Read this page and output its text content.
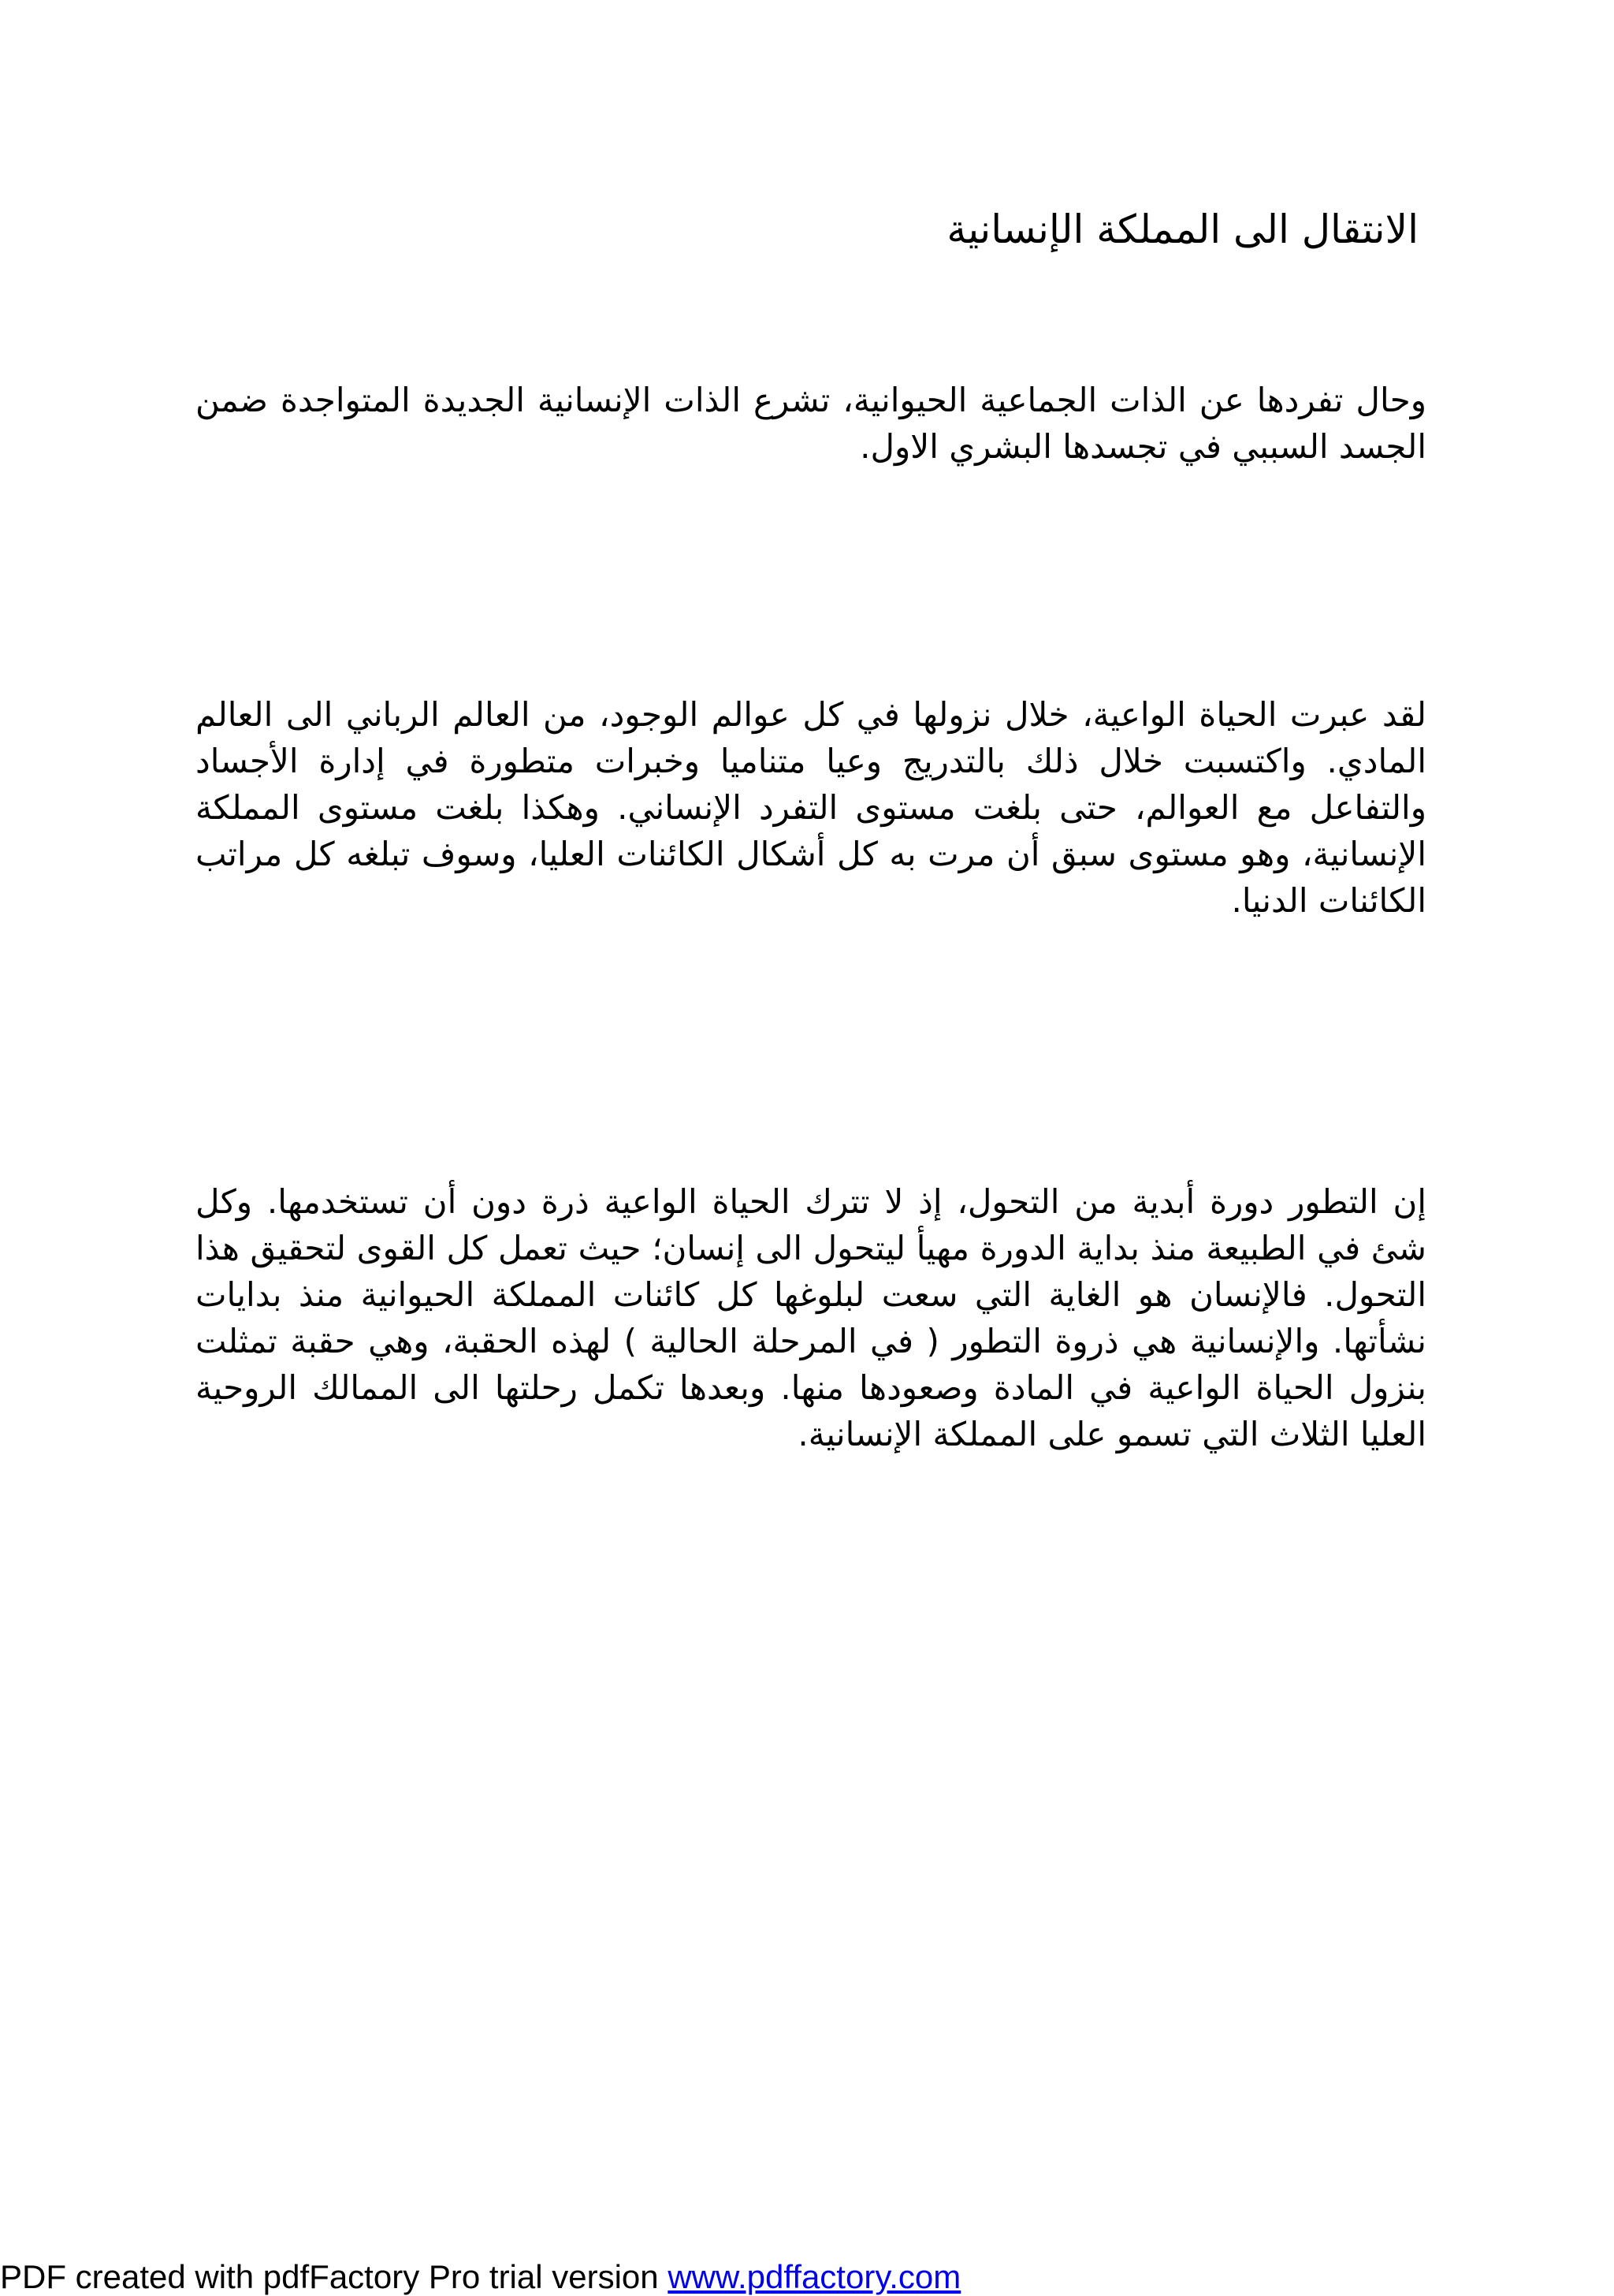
الانتقال الى المملكة الإنسانية

وحال تفردها عن الذات الجماعية الحيوانية، تشرع الذات الإنسانية الجديدة المتواجدة ضمن الجسد السببي في تجسدها البشري الاول.

لقد عبرت الحياة الواعية، خلال نزولها في كل عوالم الوجود، من العالم الرباني الى العالم المادي. واكتسبت خلال ذلك بالتدريج وعيا متناميا وخبرات متطورة في إدارة الأجساد والتفاعل مع العوالم، حتى بلغت مستوى التفرد الإنساني. وهكذا بلغت مستوى المملكة الإنسانية، وهو مستوى سبق أن مرت به كل أشكال الكائنات العليا، وسوف تبلغه كل مراتب الكائنات الدنيا.

إن التطور دورة أبدية من التحول، إذ لا تترك الحياة الواعية ذرة دون أن تستخدمها. وكل شئ في الطبيعة منذ بداية الدورة مهيأ ليتحول الى إنسان؛ حيث تعمل كل القوى لتحقيق هذا التحول. فالإنسان هو الغاية التي سعت لبلوغها كل كائنات المملكة الحيوانية منذ بدايات نشأتها. والإنسانية هي ذروة التطور ( في المرحلة الحالية ) لهذه الحقبة، وهي حقبة تمثلت بنزول الحياة الواعية في المادة وصعودها منها. وبعدها تكمل رحلتها الى الممالك الروحية العليا الثلاث التي تسمو على المملكة الإنسانية.

PDF created with pdfFactory Pro trial version www.pdffactory.com
